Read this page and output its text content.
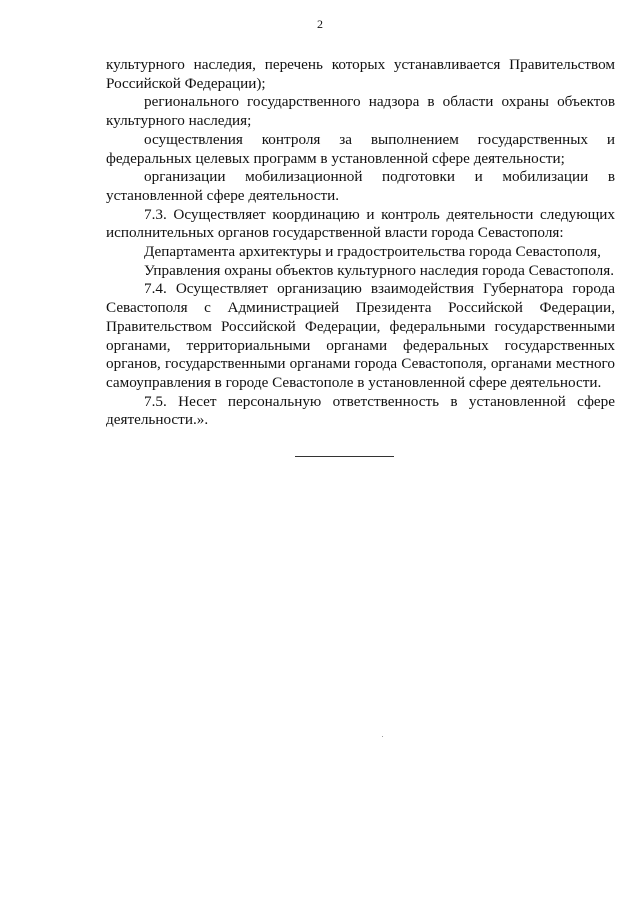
2

культурного наследия, перечень которых устанавливается Правительством Российской Федерации);

регионального государственного надзора в области охраны объектов культурного наследия;

осуществления контроля за выполнением государственных и федеральных целевых программ в установленной сфере деятельности;

организации мобилизационной подготовки и мобилизации в установленной сфере деятельности.

7.3. Осуществляет координацию и контроль деятельности следующих исполнительных органов государственной власти города Севастополя:

Департамента архитектуры и градостроительства города Севастополя,

Управления охраны объектов культурного наследия города Севастополя.

7.4. Осуществляет организацию взаимодействия Губернатора города Севастополя с Администрацией Президента Российской Федерации, Правительством Российской Федерации, федеральными государственными органами, территориальными органами федеральных государственных органов, государственными органами города Севастополя, органами местного самоуправления в городе Севастополе в установленной сфере деятельности.

7.5. Несет персональную ответственность в установленной сфере деятельности.».
